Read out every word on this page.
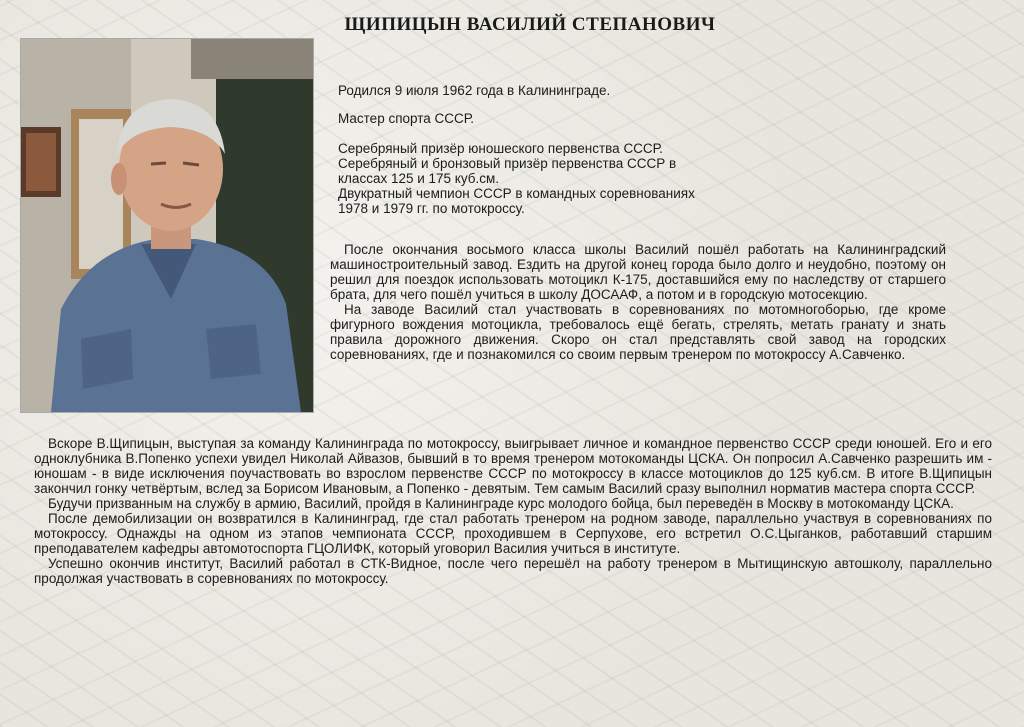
ЩИПИЦЫН ВАСИЛИЙ СТЕПАНОВИЧ
Родился 9 июля 1962 года в Калининграде.
Мастер спорта СССР.
Серебряный призёр юношеского первенства СССР.
Серебряный и бронзовый призёр первенства СССР в
классах 125 и 175 куб.см.
Двукратный чемпион СССР в командных соревнованиях
1978 и 1979 гг. по мотокроссу.

После окончания восьмого класса школы Василий пошёл работать на Калининградский машиностроительный завод. Ездить на другой конец города было долго и неудобно, поэтому он решил для поездок использовать мотоцикл К-175, доставшийся ему по наследству от старшего брата, для чего пошёл учиться в школу ДОСААФ, а потом и в городскую мотосекцию.

На заводе Василий стал участвовать в соревнованиях по мотомногоборью, где кроме фигурного вождения мотоцикла, требовалось ещё бегать, стрелять, метать гранату и знать правила дорожного движения. Скоро он стал представлять свой завод на городских соревнованиях, где и познакомился со своим первым тренером по мотокроссу А.Савченко.

Вскоре В.Щипицын, выступая за команду Калининграда по мотокроссу, выигрывает личное и командное первенство СССР среди юношей. Его и его одноклубника В.Попенко успехи увидел Николай Айвазов, бывший в то время тренером мотокоманды ЦСКА. Он попросил А.Савченко разрешить им - юношам - в виде исключения поучаствовать во взрослом первенстве СССР по мотокроссу в классе мотоциклов до 125 куб.см. В итоге В.Щипицын закончил гонку четвёртым, вслед за Борисом Ивановым, а Попенко - девятым. Тем самым Василий сразу выполнил норматив мастера спорта СССР.

Будучи призванным на службу в армию, Василий, пройдя в Калининграде курс молодого бойца, был переведён в Москву в мотокоманду ЦСКА.

После демобилизации он возвратился в Калининград, где стал работать тренером на родном заводе, параллельно участвуя в соревнованиях по мотокроссу. Однажды на одном из этапов чемпионата СССР, проходившем в Серпухове, его встретил О.С.Цыганков, работавший старшим преподавателем кафедры автомотоспорта ГЦОЛИФК, который уговорил Василия учиться в институте.

Успешно окончив институт, Василий работал в СТК-Видное, после чего перешёл на работу тренером в Мытищинскую автошколу, параллельно продолжая участвовать в соревнованиях по мотокроссу.
